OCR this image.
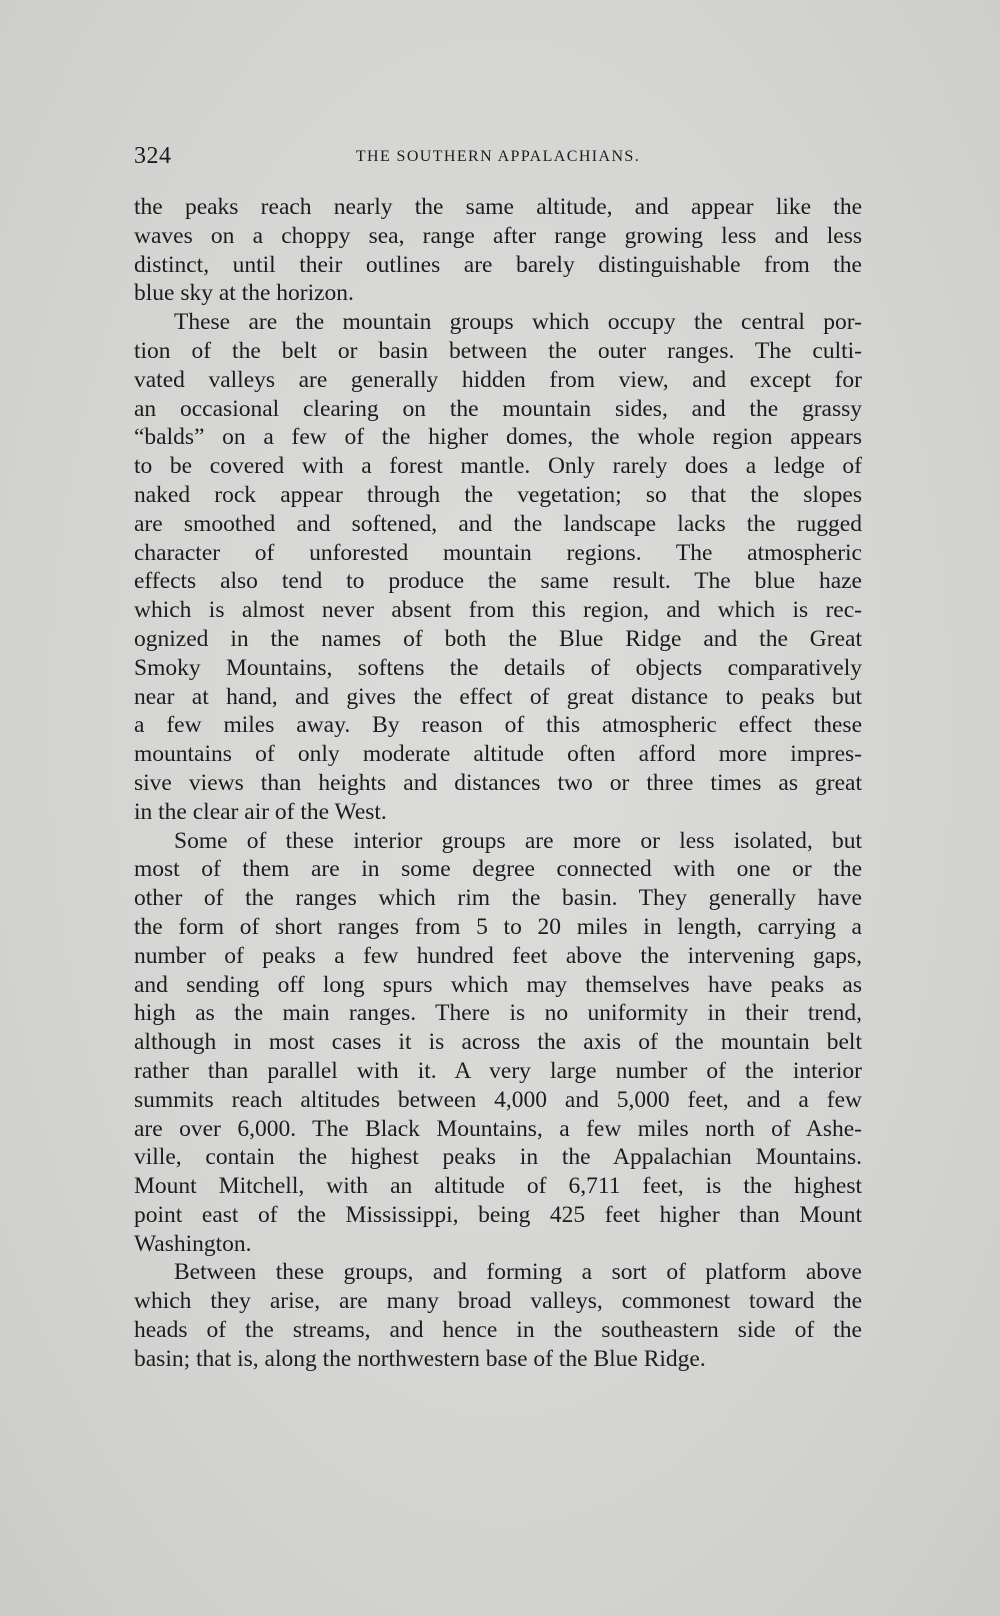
324	THE SOUTHERN APPALACHIANS.
the peaks reach nearly the same altitude, and appear like the
waves on a choppy sea, range after range growing less and less
distinct, until their outlines are barely distinguishable from the
blue sky at the horizon.
These are the mountain groups which occupy the central por-
tion of the belt or basin between the outer ranges. The culti-
vated valleys are generally hidden from view, and except for
an occasional clearing on the mountain sides, and the grassy
“balds” on a few of the higher domes, the whole region appears
to be covered with a forest mantle. Only rarely does a ledge of
naked rock appear through the vegetation; so that the slopes
are smoothed and softened, and the landscape lacks the rugged
character of unforested mountain regions. The atmospheric
effects also tend to produce the same result. The blue haze
which is almost never absent from this region, and which is rec-
ognized in the names of both the Blue Ridge and the Great
Smoky Mountains, softens the details of objects comparatively
near at hand, and gives the effect of great distance to peaks but
a few miles away. By reason of this atmospheric effect these
mountains of only moderate altitude often afford more impres-
sive views than heights and distances two or three times as great
in the clear air of the West.
Some of these interior groups are more or less isolated, but
most of them are in some degree connected with one or the
other of the ranges which rim the basin. They generally have
the form of short ranges from 5 to 20 miles in length, carrying a
number of peaks a few hundred feet above the intervening gaps,
and sending off long spurs which may themselves have peaks as
high as the main ranges. There is no uniformity in their trend,
although in most cases it is across the axis of the mountain belt
rather than parallel with it. A very large number of the interior
summits reach altitudes between 4,000 and 5,000 feet, and a few
are over 6,000. The Black Mountains, a few miles north of Ashe-
ville, contain the highest peaks in the Appalachian Mountains.
Mount Mitchell, with an altitude of 6,711 feet, is the highest
point east of the Mississippi, being 425 feet higher than Mount
Washington.
Between these groups, and forming a sort of platform above
which they arise, are many broad valleys, commonest toward the
heads of the streams, and hence in the southeastern side of the
basin; that is, along the northwestern base of the Blue Ridge.
